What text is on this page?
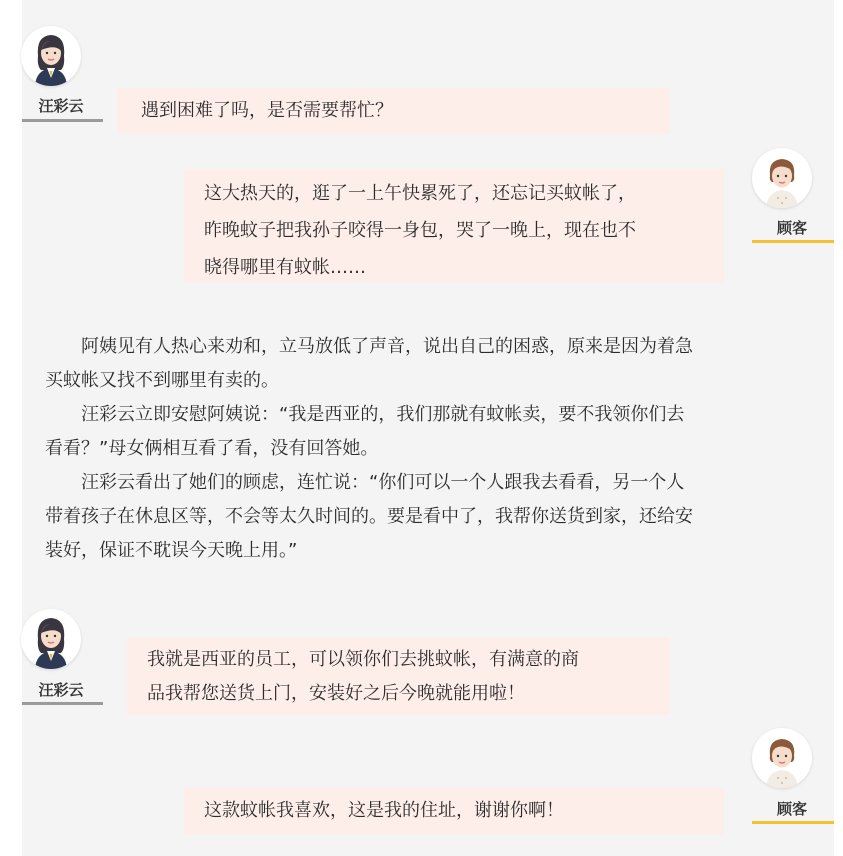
汪彩云	遇到困难了吗，是否需要帮忙？
顾客
这大热天的，逛了一上午快累死了，还忘记买蚊帐了，
昨晚蚊子把我孙子咬得一身包，哭了一晚上，现在也不
晓得哪里有蚊帐……

阿姨见有人热心来劝和，立马放低了声音，说出自己的困惑，原来是因为着急
买蚊帐又找不到哪里有卖的。

汪彩云立即安慰阿姨说：“我是西亚的，我们那就有蚊帐卖，要不我领你们去
看看？”母女俩相互看了看，没有回答她。

汪彩云看出了她们的顾虑，连忙说：“你们可以一个人跟我去看看，另一个人
带着孩子在休息区等，不会等太久时间的。要是看中了，我帮你送货到家，还给安
装好，保证不耽误今天晚上用。”

汪彩云
我就是西亚的员工，可以领你们去挑蚊帐，有满意的商
品我帮您送货上门，安装好之后今晚就能用啦！
顾客
这款蚊帐我喜欢，这是我的住址，谢谢你啊！
